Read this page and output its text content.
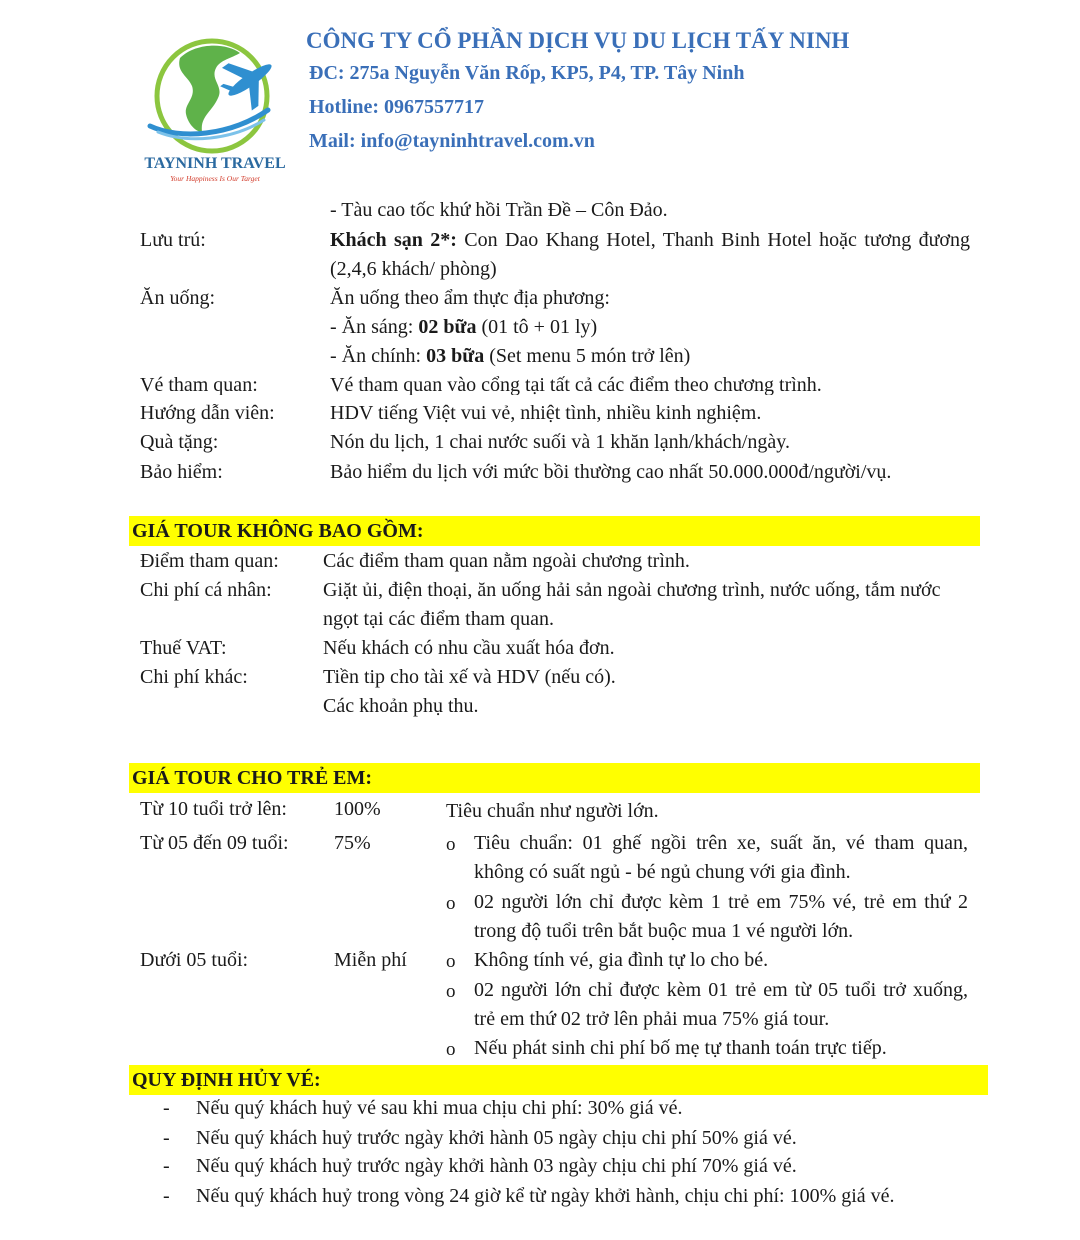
TAYNINH TRAVEL
Your Happiness Is Our Target
CÔNG TY CỔ PHẦN DỊCH VỤ DU LỊCH TẤY NINH
ĐC: 275a Nguyễn Văn Rốp, KP5, P4, TP. Tây Ninh
Hotline: 0967557717
Mail: info@tayninhtravel.com.vn
- Tàu cao tốc khứ hồi Trần Đề – Côn Đảo.
Lưu trú:	Khách sạn 2*: Con Dao Khang Hotel, Thanh Binh Hotel hoặc tương đương (2,4,6 khách/ phòng)
Ăn uống:	Ăn uống theo ẩm thực địa phương:
- Ăn sáng: 02 bữa (01 tô + 01 ly)
- Ăn chính: 03 bữa (Set menu 5 món trở lên)
Vé tham quan:	Vé tham quan vào cổng tại tất cả các điểm theo chương trình.
Hướng dẫn viên:	HDV tiếng Việt vui vẻ, nhiệt tình, nhiều kinh nghiệm.
Quà tặng:	Nón du lịch, 1 chai nước suối và 1 khăn lạnh/khách/ngày.
Bảo hiểm:	Bảo hiểm du lịch với mức bồi thường cao nhất 50.000.000đ/người/vụ.
GIÁ TOUR KHÔNG BAO GỒM:
Điểm tham quan: Các điểm tham quan nằm ngoài chương trình.
Chi phí cá nhân:	Giặt ủi, điện thoại, ăn uống hải sản ngoài chương trình, nước uống, tắm nước ngọt tại các điểm tham quan.
Thuế VAT:	Nếu khách có nhu cầu xuất hóa đơn.
Chi phí khác:	Tiền tip cho tài xế và HDV (nếu có).
Các khoản phụ thu.
GIÁ TOUR CHO TRẺ EM:
Từ 10 tuổi trở lên: 100%	Tiêu chuẩn như người lớn.
Từ 05 đến 09 tuổi: 75%	o Tiêu chuẩn: 01 ghế ngồi trên xe, suất ăn, vé tham quan, không có suất ngủ - bé ngủ chung với gia đình.
o 02 người lớn chỉ được kèm 1 trẻ em 75% vé, trẻ em thứ 2 trong độ tuổi trên bắt buộc mua 1 vé người lớn.
Dưới 05 tuổi:	Miễn phí o Không tính vé, gia đình tự lo cho bé.
o 02 người lớn chỉ được kèm 01 trẻ em từ 05 tuổi trở xuống, trẻ em thứ 02 trở lên phải mua 75% giá tour.
o Nếu phát sinh chi phí bố mẹ tự thanh toán trực tiếp.
QUY ĐỊNH HỦY VÉ:
- Nếu quý khách huỷ vé sau khi mua chịu chi phí: 30% giá vé.
- Nếu quý khách huỷ trước ngày khởi hành 05 ngày chịu chi phí 50% giá vé.
- Nếu quý khách huỷ trước ngày khởi hành 03 ngày chịu chi phí 70% giá vé.
- Nếu quý khách huỷ trong vòng 24 giờ kể từ ngày khởi hành, chịu chi phí: 100% giá vé.
